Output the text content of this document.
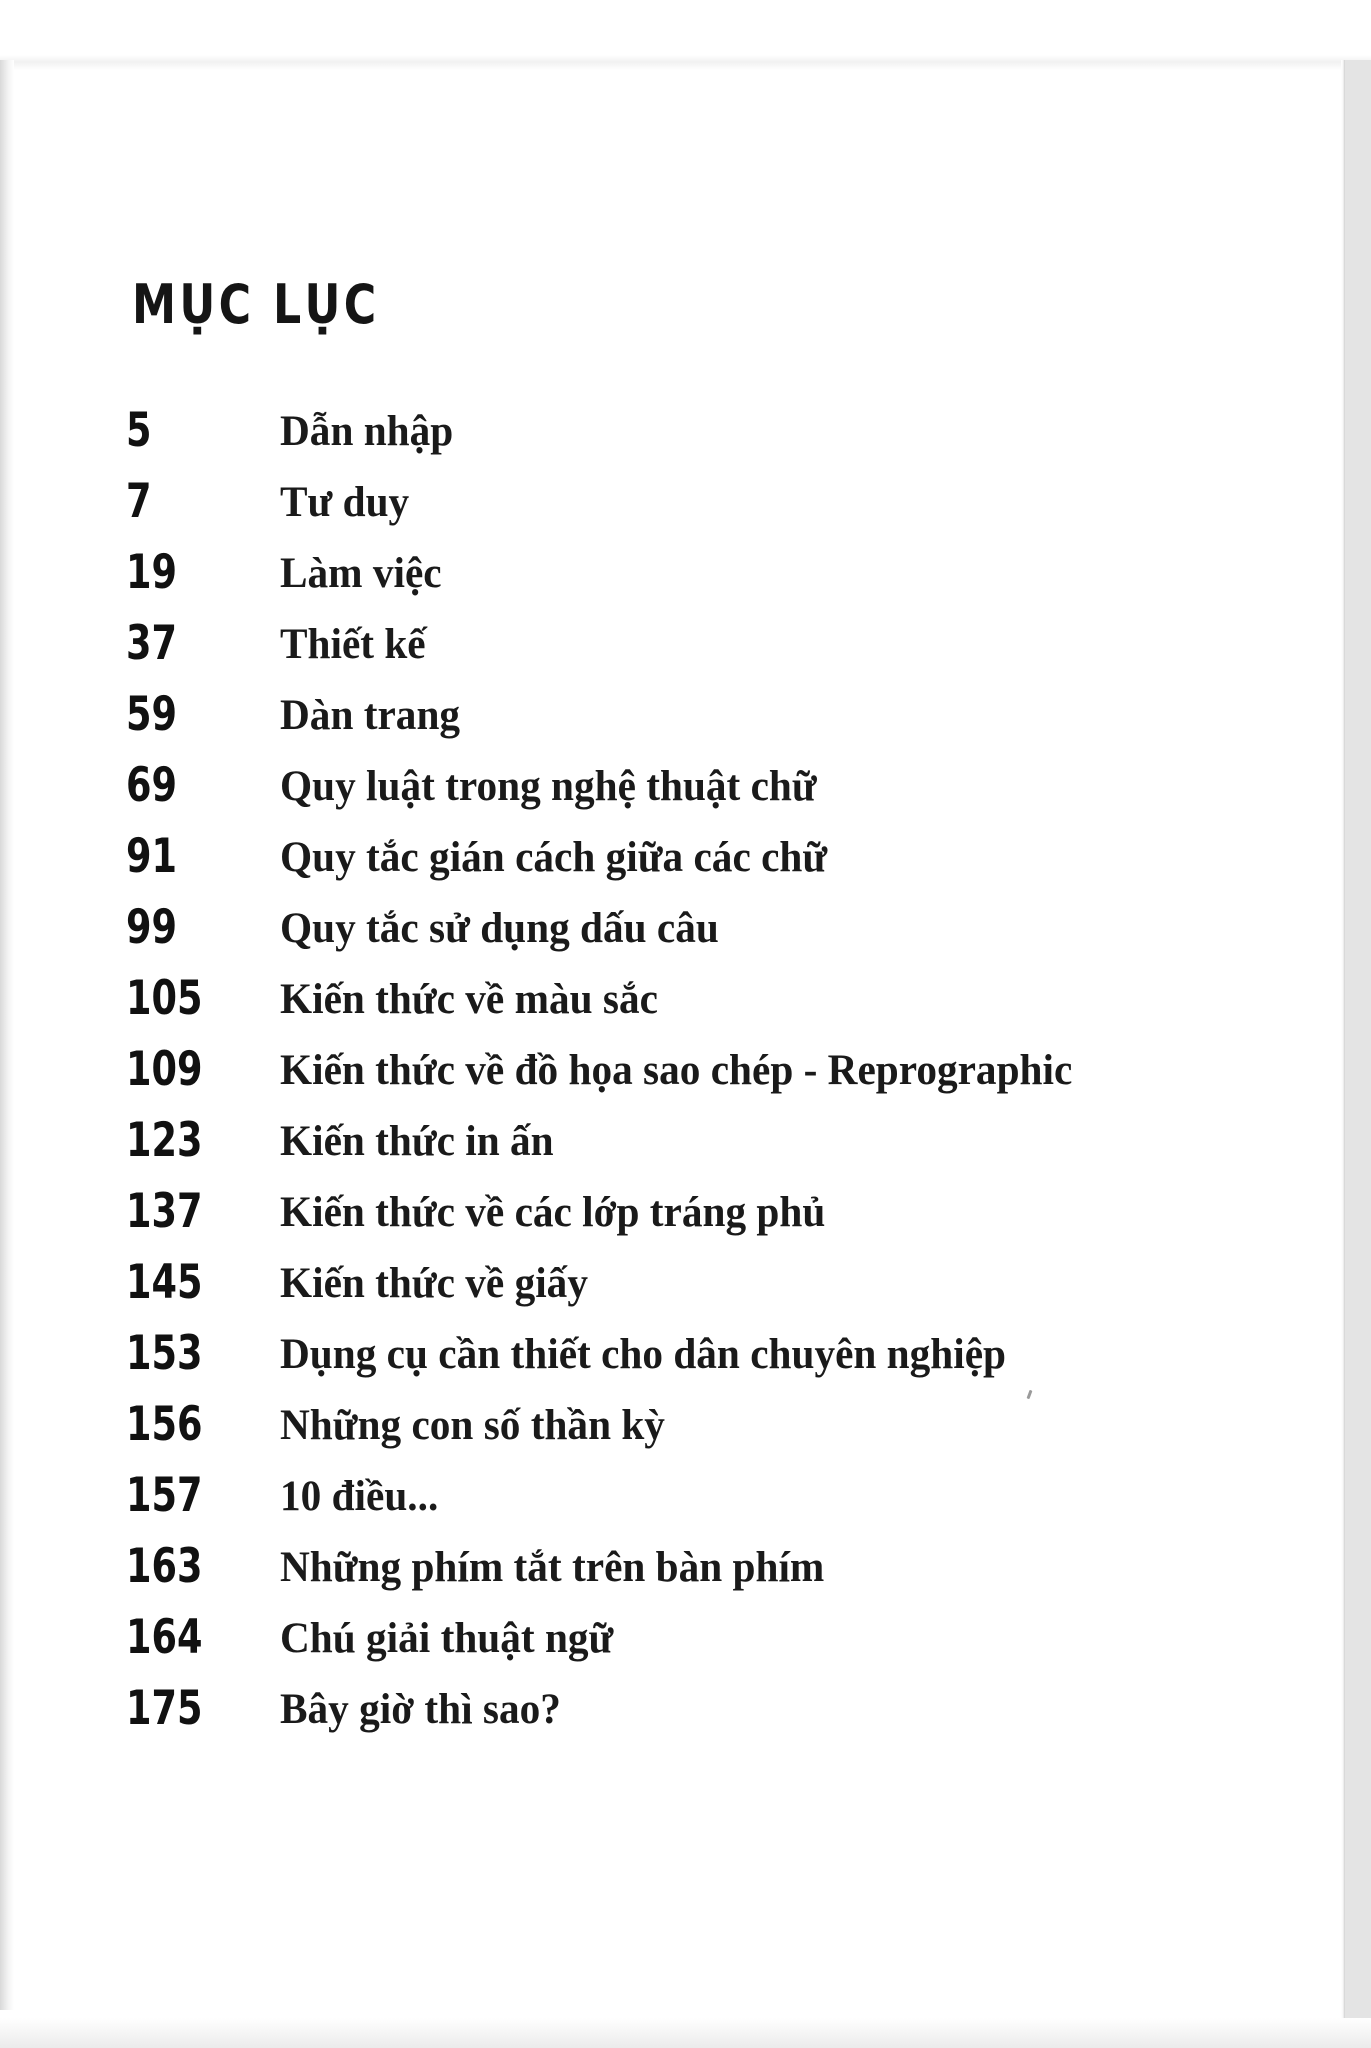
MỤC LỤC
5	Dẫn nhập
7	Tư duy
19 Làm việc
37 Thiết kế
59 Dàn trang
69 Quy luật trong nghệ thuật chữ
91 Quy tắc gián cách giữa các chữ
99 Quy tắc sử dụng dấu câu
105 Kiến thức về màu sắc
109 Kiến thức về đồ họa sao chép - Reprographic
123 Kiến thức in ấn
137 Kiến thức về các lớp tráng phủ
145 Kiến thức về giấy
153 Dụng cụ cần thiết cho dân chuyên nghiệp
156 Những con số thần kỳ
157 10 điều...
163 Những phím tắt trên bàn phím
164 Chú giải thuật ngữ
175 Bây giờ thì sao?
